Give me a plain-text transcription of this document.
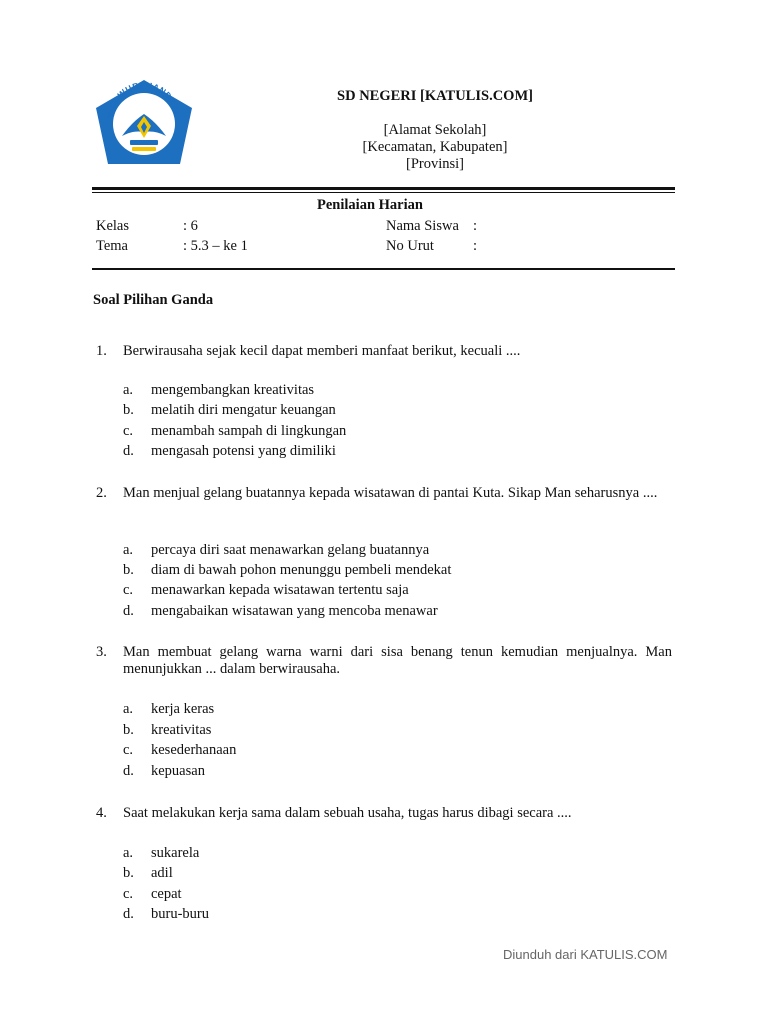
TUT WURI HANDAYA
SD NEGERI [KATULIS.COM]
[Alamat Sekolah]
[Kecamatan, Kabupaten]
[Provinsi]
Penilaian Harian
Kelas	: 6
Tema	: 5.3 – ke 1
Nama Siswa :
No Urut	:
Soal Pilihan Ganda
1. Berwirausaha sejak kecil dapat memberi manfaat berikut, kecuali ....
a. mengembangkan kreativitas
b. melatih diri mengatur keuangan
c. menambah sampah di lingkungan
d. mengasah potensi yang dimiliki
2. Man menjual gelang buatannya kepada wisatawan di pantai Kuta. Sikap Man seharusnya ....
a. percaya diri saat menawarkan gelang buatannya
b. diam di bawah pohon menunggu pembeli mendekat
c. menawarkan kepada wisatawan tertentu saja
d. mengabaikan wisatawan yang mencoba menawar
3. Man membuat gelang warna warni dari sisa benang tenun kemudian menjualnya. Man menunjukkan ... dalam berwirausaha.
a. kerja keras
b. kreativitas
c. kesederhanaan
d. kepuasan
4. Saat melakukan kerja sama dalam sebuah usaha, tugas harus dibagi secara ....
a. sukarela
b. adil
c. cepat
d. buru-buru
Diunduh dari KATULIS.COM
